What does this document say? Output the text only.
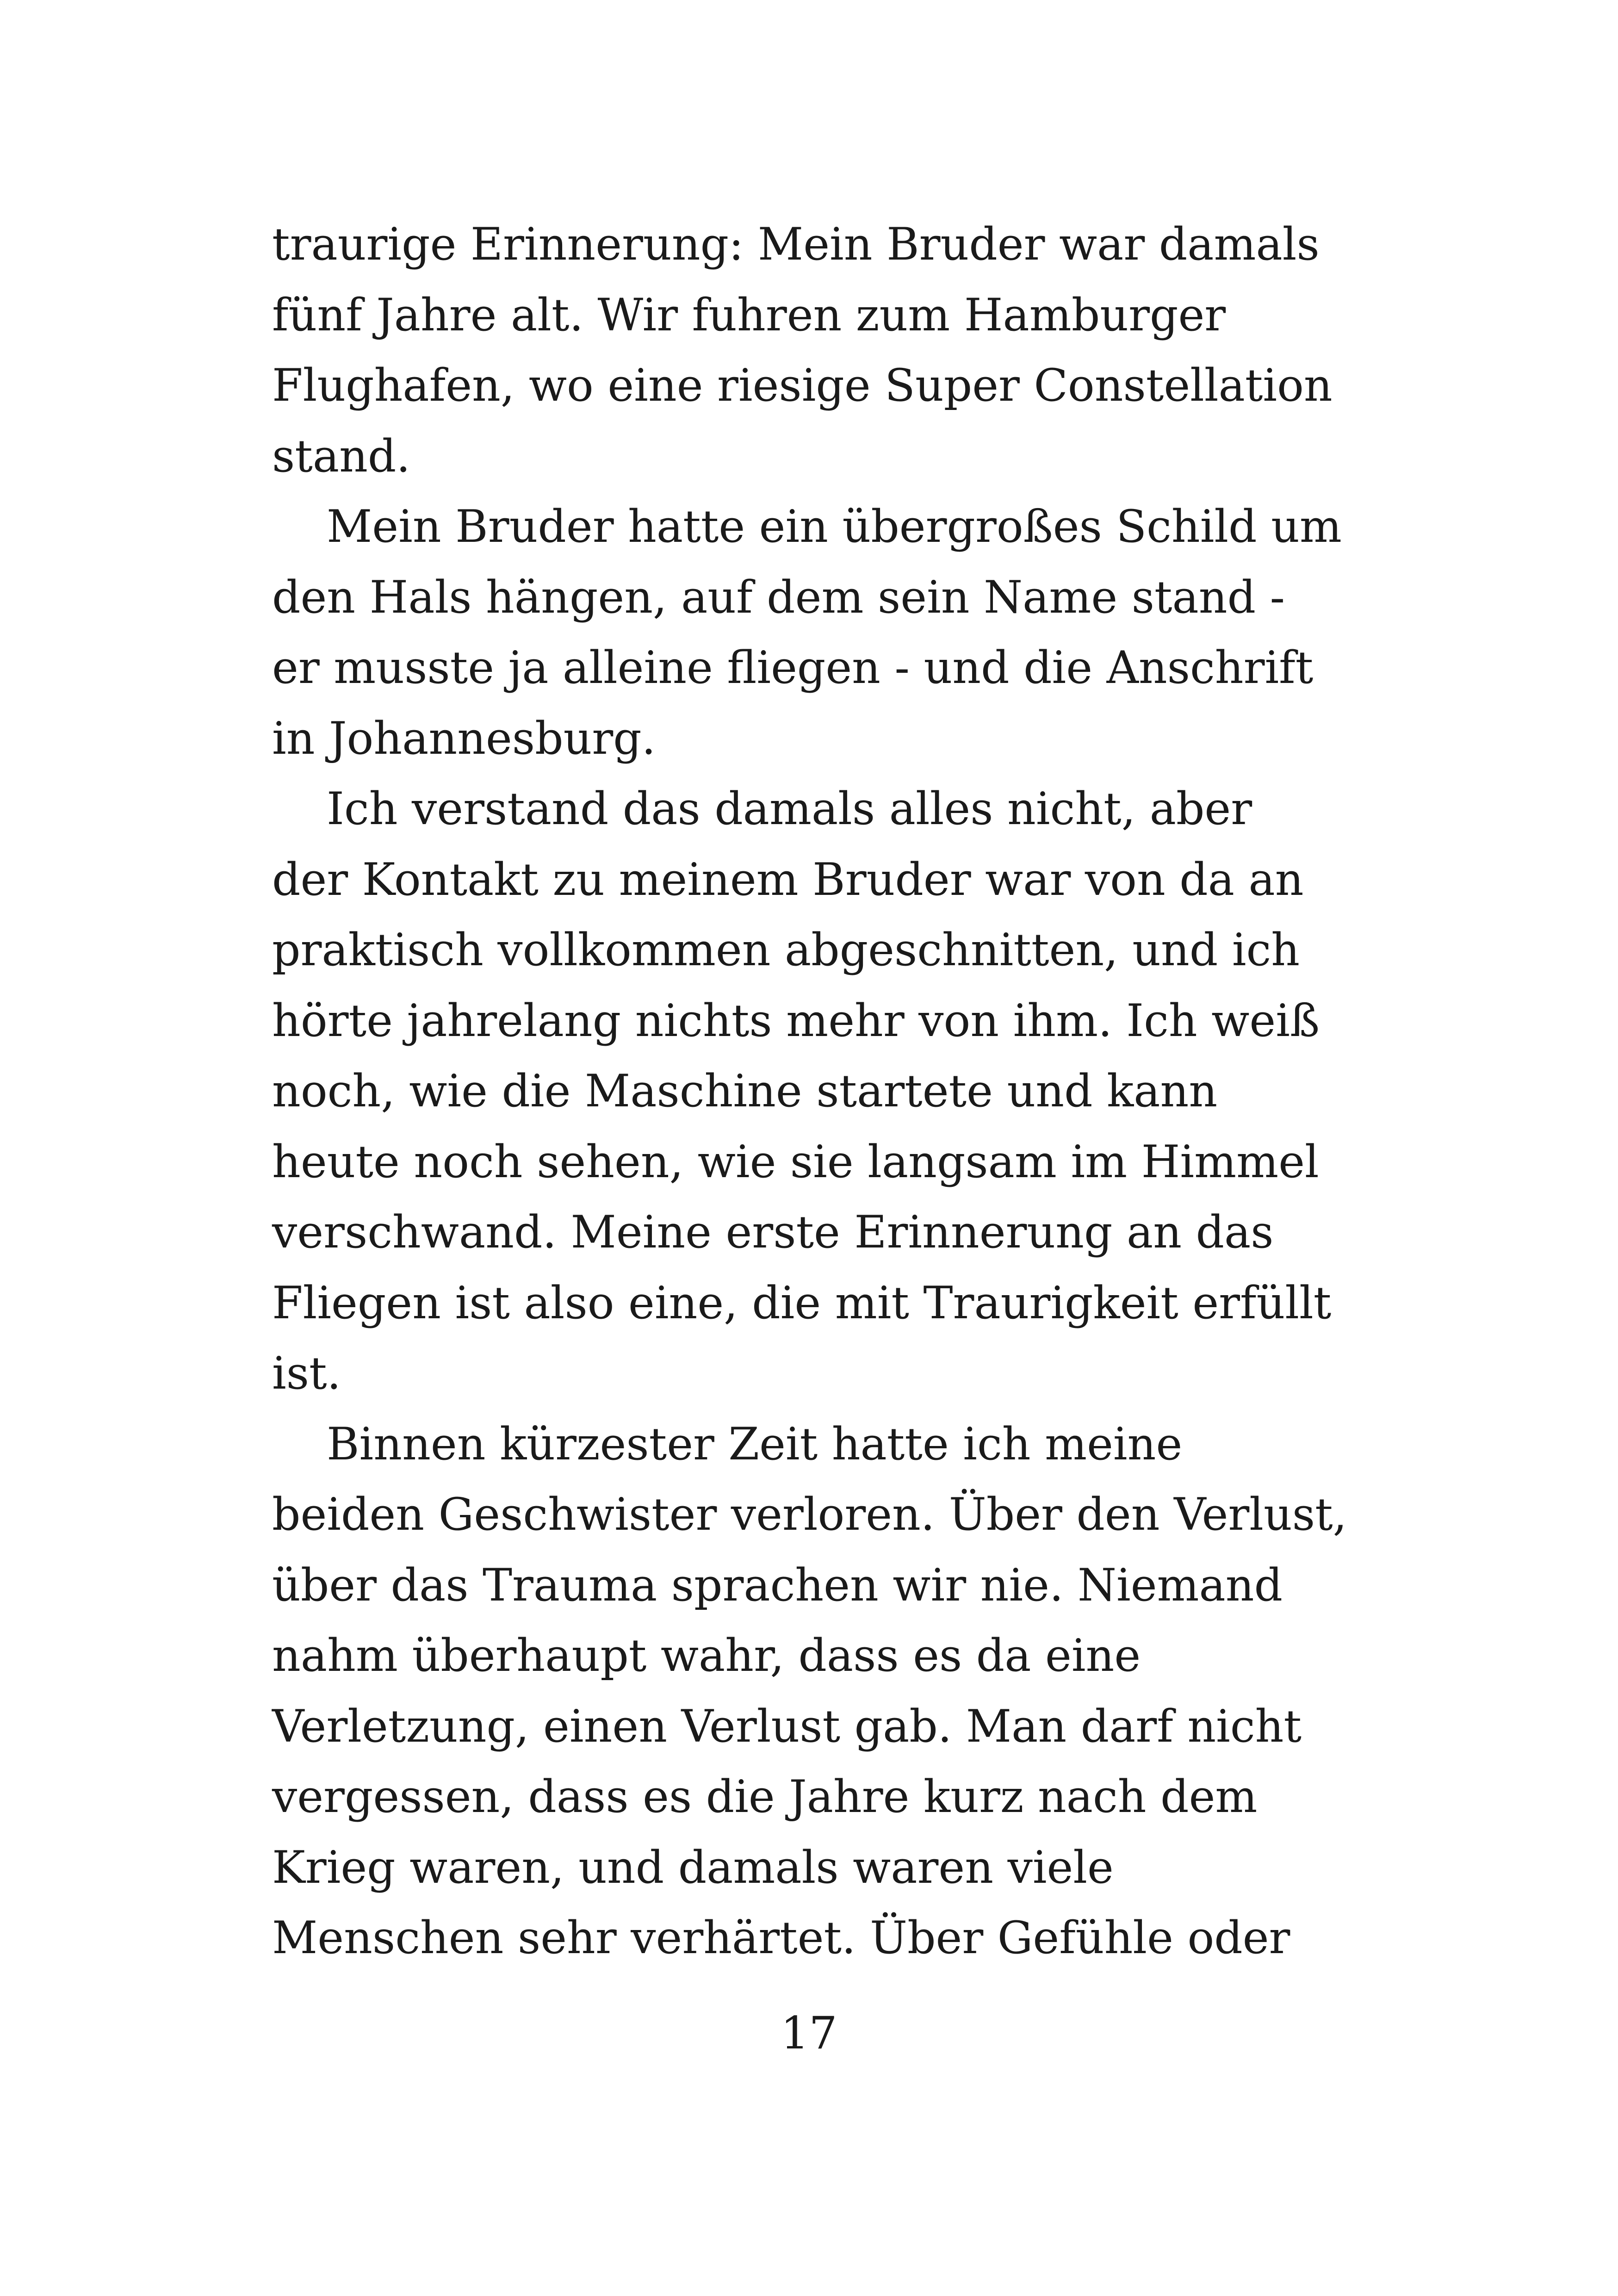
traurige Erinnerung: Mein Bruder war damals
fünf Jahre alt. Wir fuhren zum Hamburger
Flughafen, wo eine riesige Super Constellation
stand.
Mein Bruder hatte ein übergroßes Schild um
den Hals hängen, auf dem sein Name stand -
er musste ja alleine fliegen - und die Anschrift
in Johannesburg.
Ich verstand das damals alles nicht, aber
der Kontakt zu meinem Bruder war von da an
praktisch vollkommen abgeschnitten, und ich
hörte jahrelang nichts mehr von ihm. Ich weiß
noch, wie die Maschine startete und kann
heute noch sehen, wie sie langsam im Himmel
verschwand. Meine erste Erinnerung an das
Fliegen ist also eine, die mit Traurigkeit erfüllt
ist.
Binnen kürzester Zeit hatte ich meine
beiden Geschwister verloren. Über den Verlust,
über das Trauma sprachen wir nie. Niemand
nahm überhaupt wahr, dass es da eine
Verletzung, einen Verlust gab. Man darf nicht
vergessen, dass es die Jahre kurz nach dem
Krieg waren, und damals waren viele
Menschen sehr verhärtet. Über Gefühle oder
17
